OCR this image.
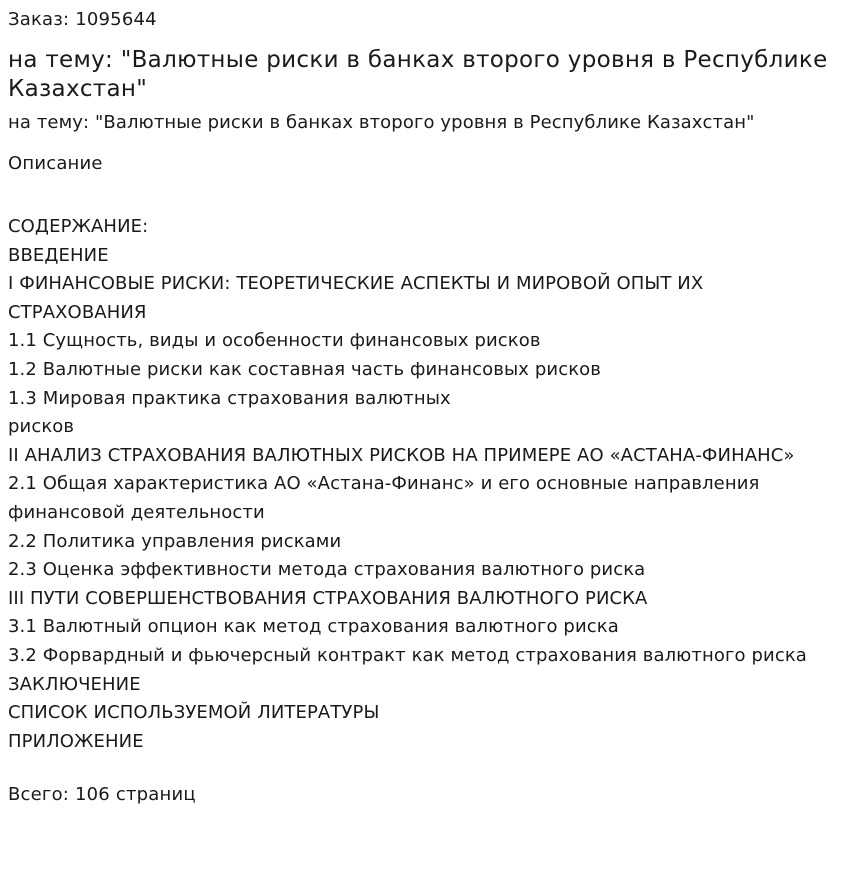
Заказ: 1095644

на тему: "Валютные риски в банках второго уровня в Республике Казахстан"

на тему: "Валютные риски в банках второго уровня в Республике Казахстан"

Описание

СОДЕРЖАНИЕ:
ВВЕДЕНИЕ
I ФИНАНСОВЫЕ РИСКИ: ТЕОРЕТИЧЕСКИЕ АСПЕКТЫ И МИРОВОЙ ОПЫТ ИХ СТРАХОВАНИЯ
1.1 Сущность, виды и особенности финансовых рисков
1.2 Валютные риски как составная часть финансовых рисков
1.3 Мировая практика страхования валютных
рисков
II АНАЛИЗ СТРАХОВАНИЯ ВАЛЮТНЫХ РИСКОВ НА ПРИМЕРЕ АО «АСТАНА-ФИНАНС»
2.1 Общая характеристика АО «Астана-Финанс» и его основные направления финансовой деятельности
2.2 Политика управления рисками
2.3 Оценка эффективности метода страхования валютного риска
III ПУТИ СОВЕРШЕНСТВОВАНИЯ СТРАХОВАНИЯ ВАЛЮТНОГО РИСКА
3.1 Валютный опцион как метод страхования валютного риска
3.2 Форвардный и фьючерсный контракт как метод страхования валютного риска
ЗАКЛЮЧЕНИЕ
СПИСОК ИСПОЛЬЗУЕМОЙ ЛИТЕРАТУРЫ
ПРИЛОЖЕНИЕ

Всего: 106 страниц
